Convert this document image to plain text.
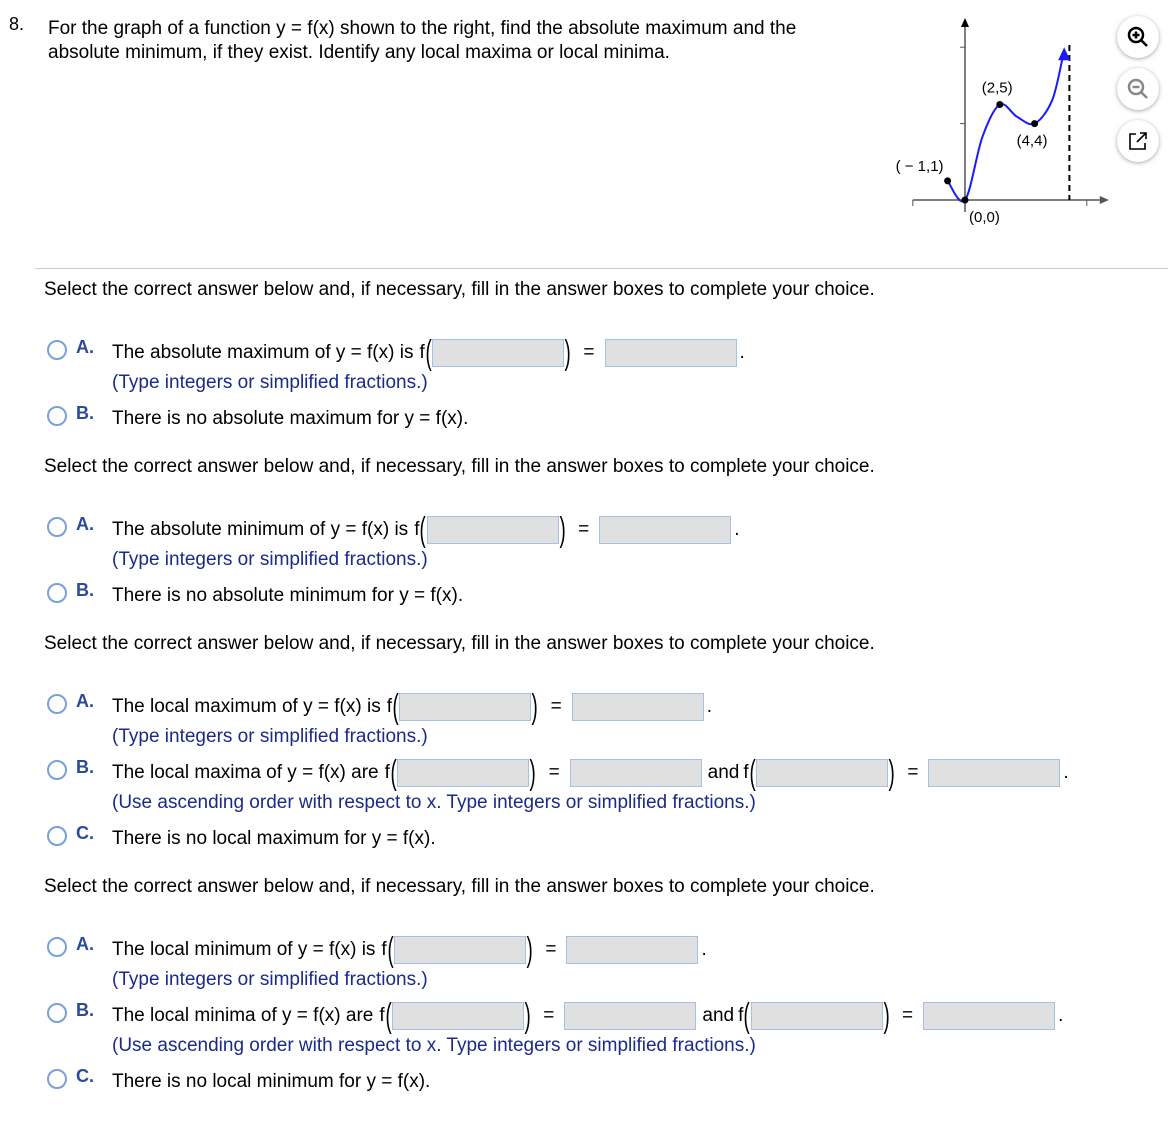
8. For the graph of a function y = f(x) shown to the right, find the absolute maximum and the absolute minimum, if they exist. Identify any local maxima or local minima.
( − 1,1)
(0,0)
(2,5)
(4,4)
Select the correct answer below and, if necessary, fill in the answer boxes to complete your choice.
A. The absolute maximum of y = f(x) is f (	) =	.
(Type integers or simplified fractions.)
B. There is no absolute maximum for y = f(x).
Select the correct answer below and, if necessary, fill in the answer boxes to complete your choice.
A. The absolute minimum of y = f(x) is f (	) =	.
(Type integers or simplified fractions.)
B. There is no absolute minimum for y = f(x).
Select the correct answer below and, if necessary, fill in the answer boxes to complete your choice.
A. The local maximum of y = f(x) is f (	) =	.
(Type integers or simplified fractions.)
B. The local maxima of y = f(x) are f (	) =	and f (	) =	.
(Use ascending order with respect to x. Type integers or simplified fractions.)
C. There is no local maximum for y = f(x).
Select the correct answer below and, if necessary, fill in the answer boxes to complete your choice.
A. The local minimum of y = f(x) is f (	) =	.
(Type integers or simplified fractions.)
B. The local minima of y = f(x) are f (	) =	and f (	) =	.
(Use ascending order with respect to x. Type integers or simplified fractions.)
C. There is no local minimum for y = f(x).
